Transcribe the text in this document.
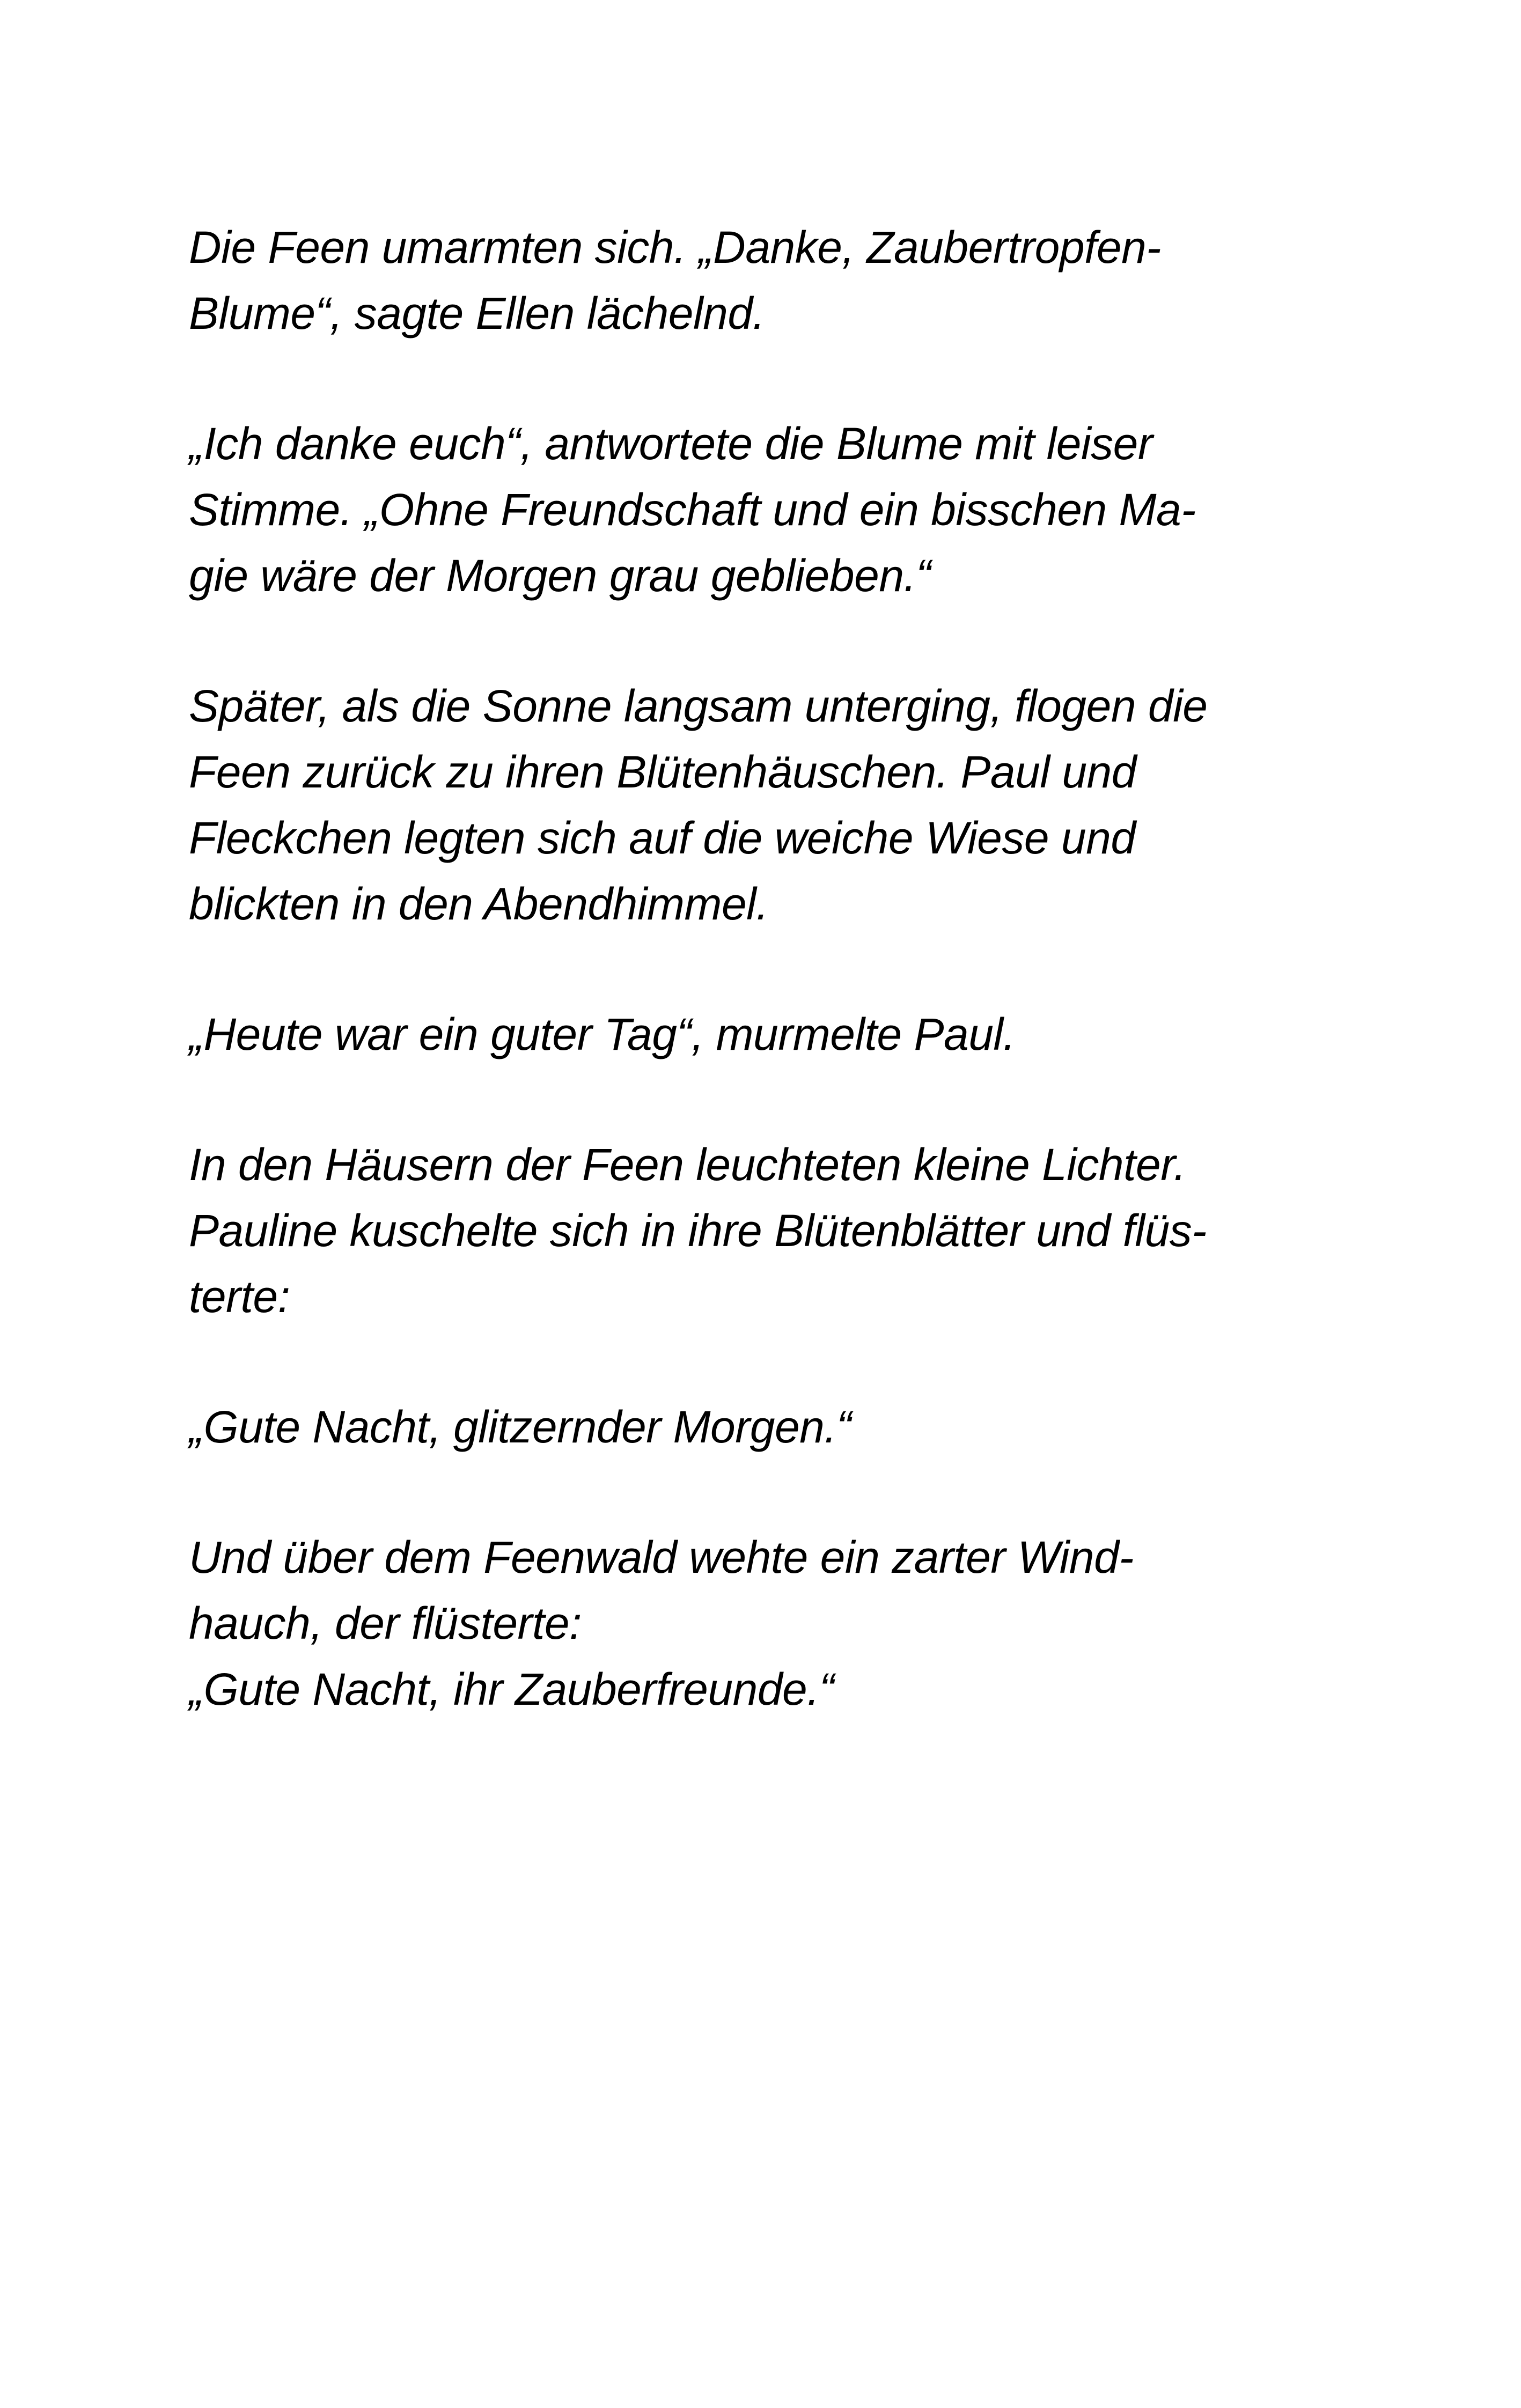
Die Feen umarmten sich. „Danke, Zaubertropfen-
Blume“, sagte Ellen lächelnd.

„Ich danke euch“, antwortete die Blume mit leiser
Stimme. „Ohne Freundschaft und ein bisschen Ma-
gie wäre der Morgen grau geblieben.“

Später, als die Sonne langsam unterging, flogen die
Feen zurück zu ihren Blütenhäuschen. Paul und
Fleckchen legten sich auf die weiche Wiese und
blickten in den Abendhimmel.

„Heute war ein guter Tag“, murmelte Paul.

In den Häusern der Feen leuchteten kleine Lichter.
Pauline kuschelte sich in ihre Blütenblätter und flüs-
terte:

„Gute Nacht, glitzernder Morgen.“

Und über dem Feenwald wehte ein zarter Wind-
hauch, der flüsterte:
„Gute Nacht, ihr Zauberfreunde.“
